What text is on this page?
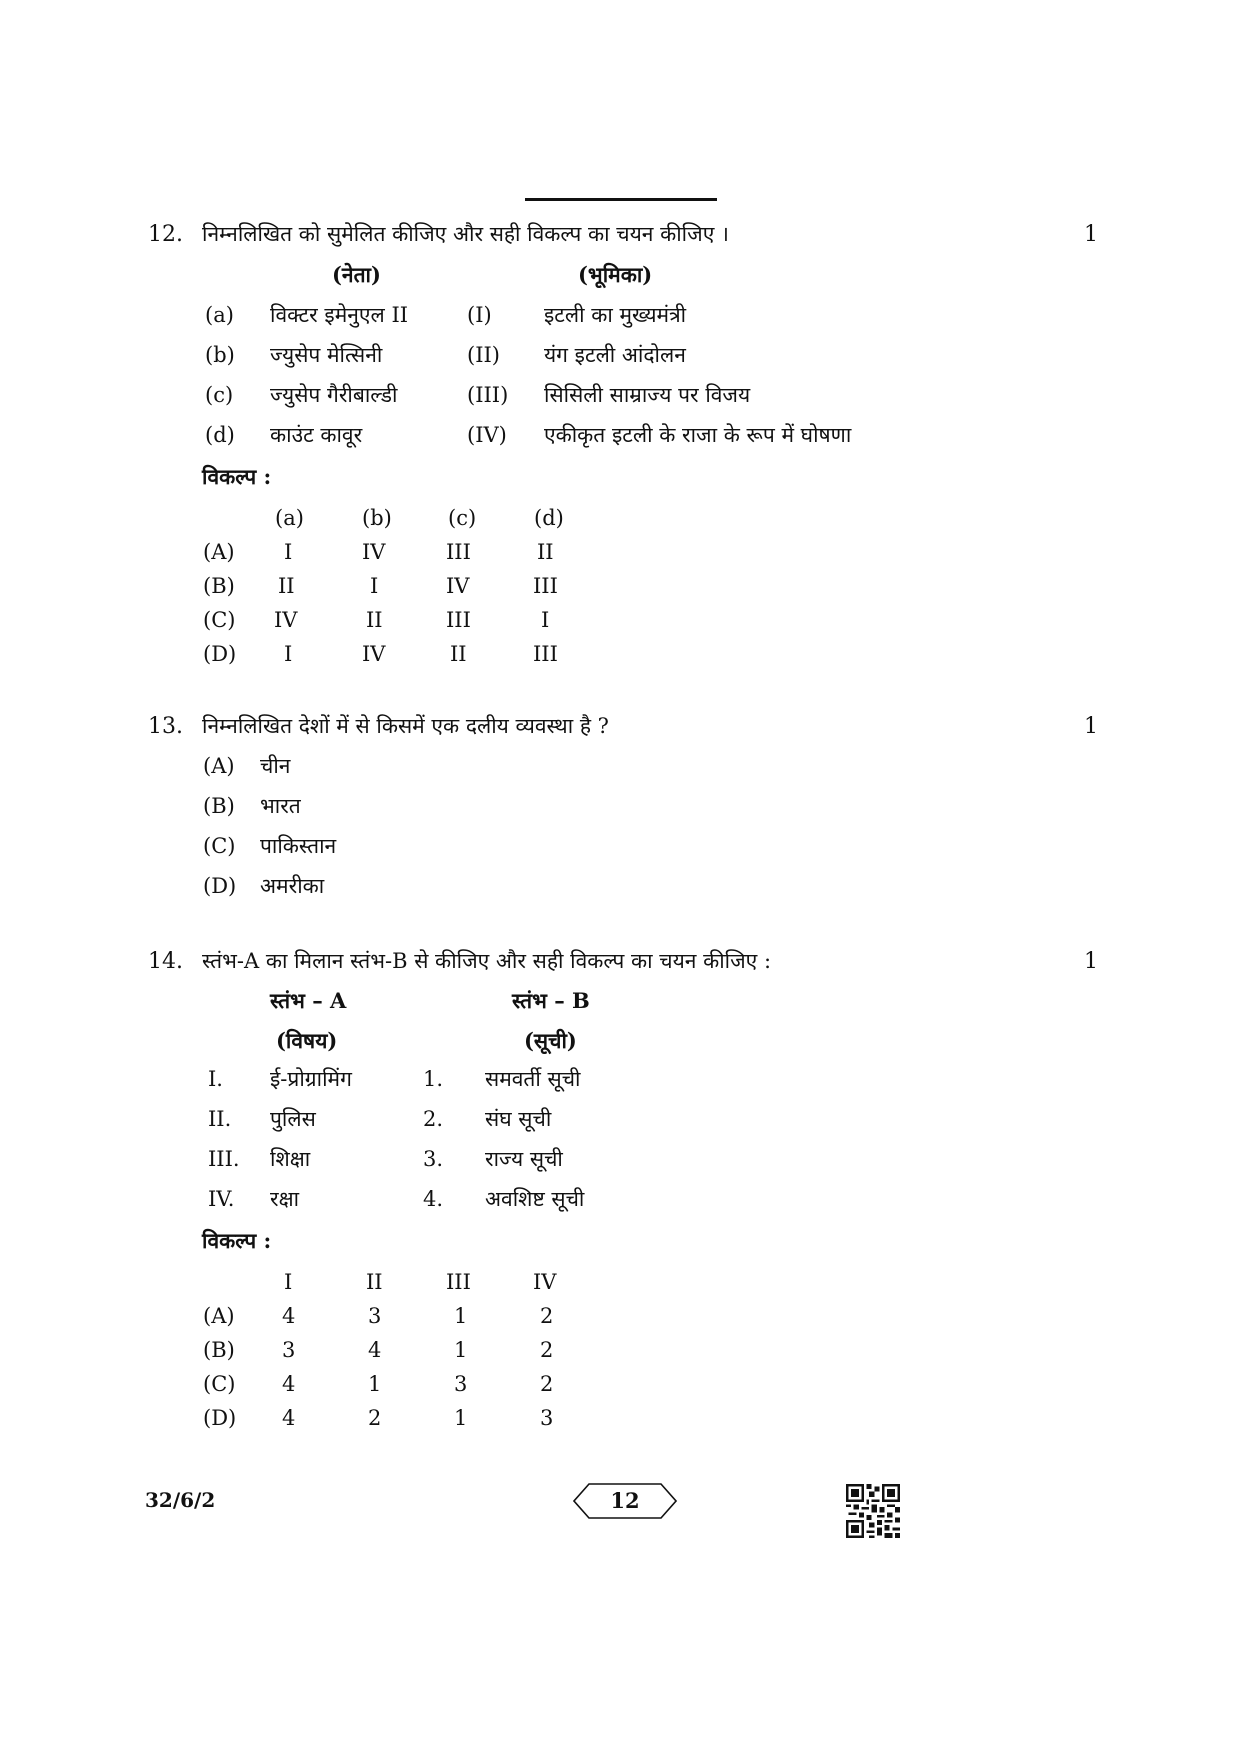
12. निम्नलिखित को सुमेलित कीजिए और सही विकल्प का चयन कीजिए ।	1
(नेता)	(भूमिका)
(a) विक्टर इमेनुएल II	(I) इटली का मुख्यमंत्री
(b) ज्युसेप मेत्सिनी	(II) यंग इटली आंदोलन
(c) ज्युसेप गैरीबाल्डी	(III) सिसिली साम्राज्य पर विजय
(d) काउंट कावूर	(IV) एकीकृत इटली के राजा के रूप में घोषणा
विकल्प :
(a)	(b)	(c)	(d)
(A) I	IV	III	II
(B) II	I	IV	III
(C) IV	II	III	I
(D) I	IV	II	III
13. निम्नलिखित देशों में से किसमें एक दलीय व्यवस्था है ?	1
(A) चीन
(B) भारत
(C) पाकिस्तान
(D) अमरीका
14. स्तंभ-A का मिलान स्तंभ-B से कीजिए और सही विकल्प का चयन कीजिए :	1
स्तंभ – A	स्तंभ – B
(विषय)	(सूची)
I. ई-प्रोग्रामिंग	1. समवर्ती सूची
II. पुलिस	2. संघ सूची
III. शिक्षा	3. राज्य सूची
IV. रक्षा	4. अवशिष्ट सूची
विकल्प :
I	II	III	IV
(A) 4	3	1	2
(B) 3	4	1	2
(C) 4	1	3	2
(D) 4	2	1	3
32/6/2	12
